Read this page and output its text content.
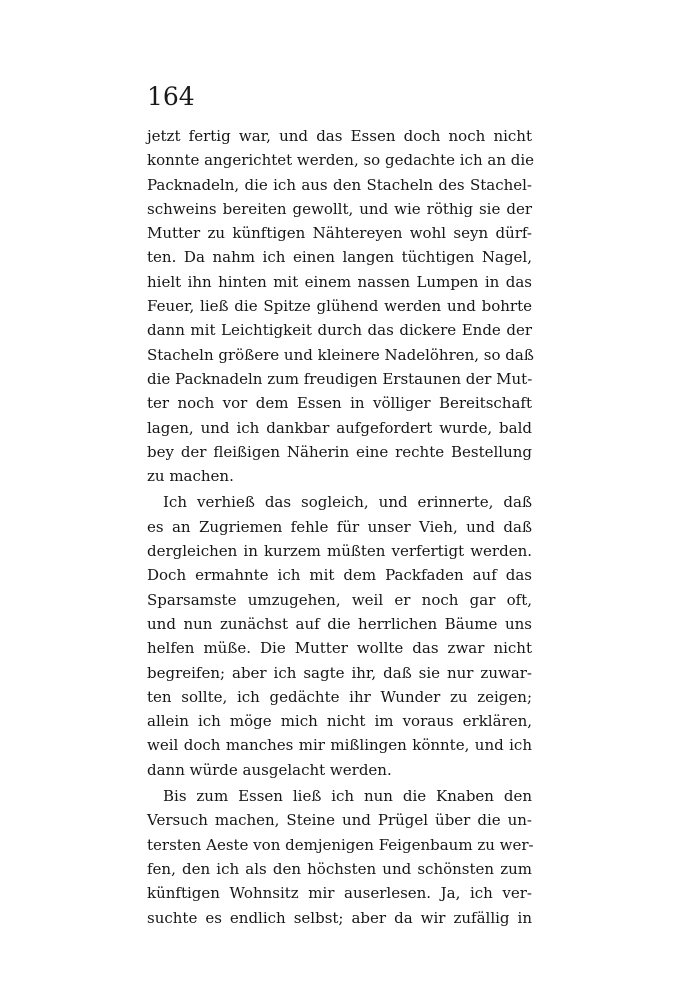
164
jetzt fertig war, und das Essen doch noch nicht
konnte angerichtet werden, so gedachte ich an die
Packnadeln, die ich aus den Stacheln des Stachel-
schweins bereiten gewollt, und wie röthig sie der
Mutter zu künftigen Nähtereyen wohl seyn dürf-
ten. Da nahm ich einen langen tüchtigen Nagel,
hielt ihn hinten mit einem nassen Lumpen in das
Feuer, ließ die Spitze glühend werden und bohrte
dann mit Leichtigkeit durch das dickere Ende der
Stacheln größere und kleinere Nadelöhren, so daß
die Packnadeln zum freudigen Erstaunen der Mut-
ter noch vor dem Essen in völliger Bereitschaft
lagen, und ich dankbar aufgefordert wurde, bald
bey der fleißigen Näherin eine rechte Bestellung
zu machen.
Ich verhieß das sogleich, und erinnerte, daß
es an Zugriemen fehle für unser Vieh, und daß
dergleichen in kurzem müßten verfertigt werden.
Doch ermahnte ich mit dem Packfaden auf das
Sparsamste umzugehen, weil er noch gar oft,
und nun zunächst auf die herrlichen Bäume uns
helfen müße. Die Mutter wollte das zwar nicht
begreifen; aber ich sagte ihr, daß sie nur zuwar-
ten sollte, ich gedächte ihr Wunder zu zeigen;
allein ich möge mich nicht im voraus erklären,
weil doch manches mir mißlingen könnte, und ich
dann würde ausgelacht werden.
Bis zum Essen ließ ich nun die Knaben den
Versuch machen, Steine und Prügel über die un-
tersten Aeste von demjenigen Feigenbaum zu wer-
fen, den ich als den höchsten und schönsten zum
künftigen Wohnsitz mir auserlesen. Ja, ich ver-
suchte es endlich selbst; aber da wir zufällig in
